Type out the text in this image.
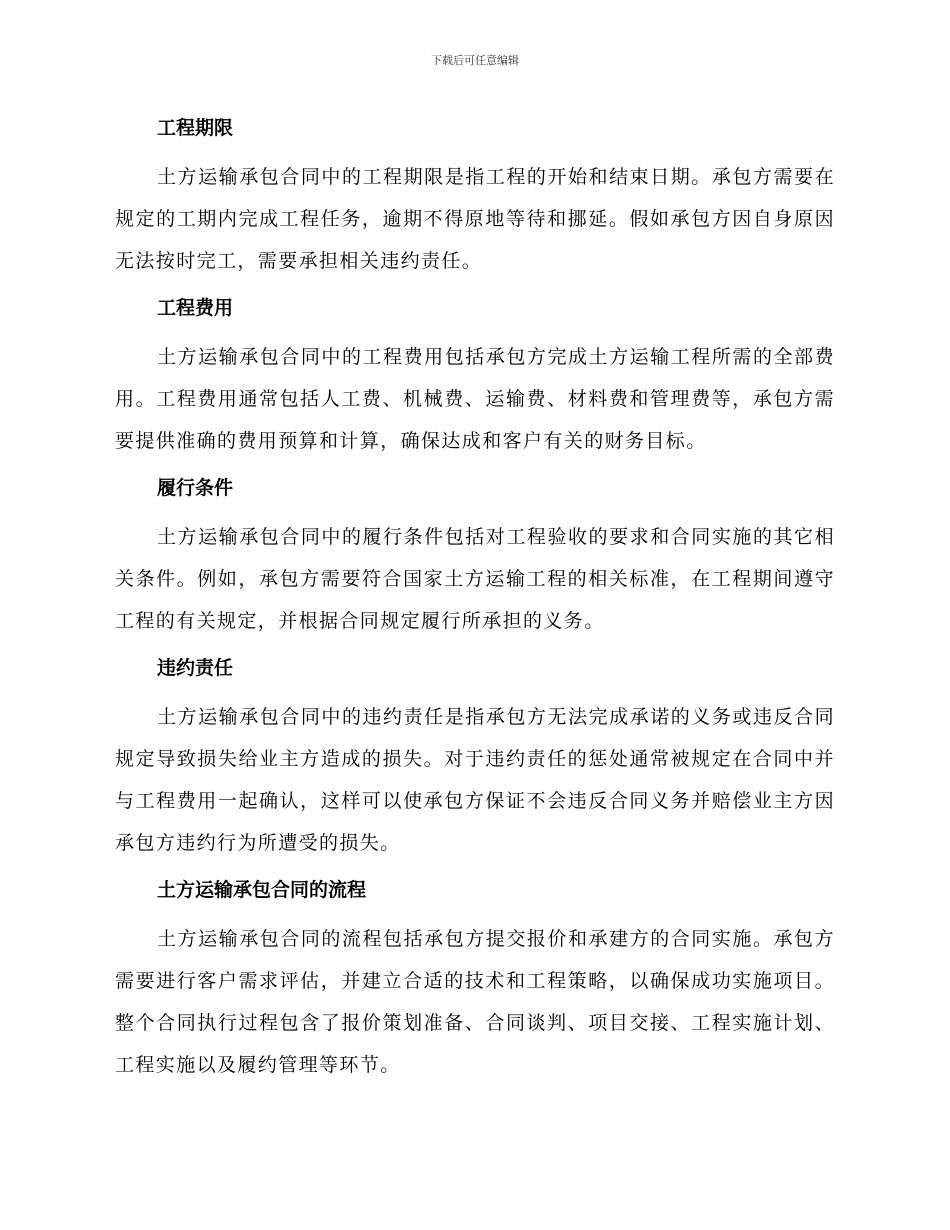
下载后可任意编辑
工程期限

土方运输承包合同中的工程期限是指工程的开始和结束日期。承包方需要在规定的工期内完成工程任务，逾期不得原地等待和挪延。假如承包方因自身原因无法按时完工，需要承担相关违约责任。

工程费用

土方运输承包合同中的工程费用包括承包方完成土方运输工程所需的全部费用。工程费用通常包括人工费、机械费、运输费、材料费和管理费等，承包方需要提供准确的费用预算和计算，确保达成和客户有关的财务目标。

履行条件

土方运输承包合同中的履行条件包括对工程验收的要求和合同实施的其它相关条件。例如，承包方需要符合国家土方运输工程的相关标准，在工程期间遵守工程的有关规定，并根据合同规定履行所承担的义务。

违约责任

土方运输承包合同中的违约责任是指承包方无法完成承诺的义务或违反合同规定导致损失给业主方造成的损失。对于违约责任的惩处通常被规定在合同中并与工程费用一起确认，这样可以使承包方保证不会违反合同义务并赔偿业主方因承包方违约行为所遭受的损失。

土方运输承包合同的流程

土方运输承包合同的流程包括承包方提交报价和承建方的合同实施。承包方需要进行客户需求评估，并建立合适的技术和工程策略，以确保成功实施项目。整个合同执行过程包含了报价策划准备、合同谈判、项目交接、工程实施计划、工程实施以及履约管理等环节。
